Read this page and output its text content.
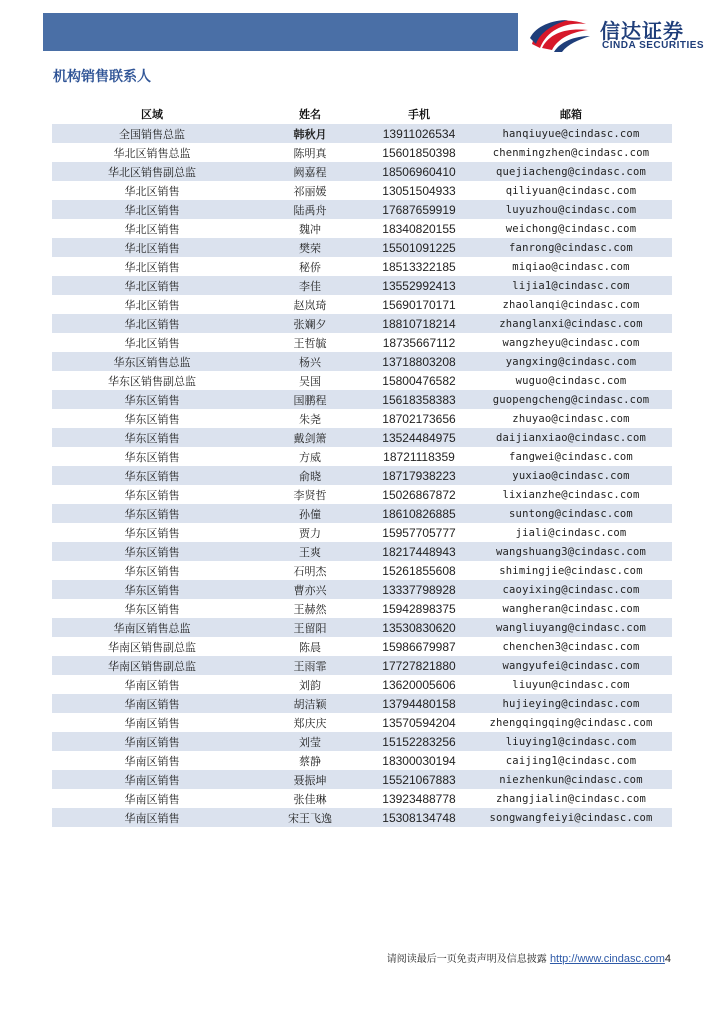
信达证券
CINDA SECURITIES
机构销售联系人
区域	姓名	手机	邮箱
全国销售总监	韩秋月	13911026534	hanqiuyue@cindasc.com
华北区销售总监	陈明真	15601850398	chenmingzhen@cindasc.com
华北区销售副总监	阙嘉程	18506960410	quejiacheng@cindasc.com
华北区销售	祁丽媛	13051504933	qiliyuan@cindasc.com
华北区销售	陆禹舟	17687659919	luyuzhou@cindasc.com
华北区销售	魏冲	18340820155	weichong@cindasc.com
华北区销售	樊荣	15501091225	fanrong@cindasc.com
华北区销售	秘侨	18513322185	miqiao@cindasc.com
华北区销售	李佳	13552992413	lijia1@cindasc.com
华北区销售	赵岚琦	15690170171	zhaolanqi@cindasc.com
华北区销售	张斓夕	18810718214	zhanglanxi@cindasc.com
华北区销售	王哲毓	18735667112	wangzheyu@cindasc.com
华东区销售总监	杨兴	13718803208	yangxing@cindasc.com
华东区销售副总监	吴国	15800476582	wuguo@cindasc.com
华东区销售	国鹏程	15618358383	guopengcheng@cindasc.com
华东区销售	朱尧	18702173656	zhuyao@cindasc.com
华东区销售	戴剑箫	13524484975	daijianxiao@cindasc.com
华东区销售	方威	18721118359	fangwei@cindasc.com
华东区销售	俞晓	18717938223	yuxiao@cindasc.com
华东区销售	李贤哲	15026867872	lixianzhe@cindasc.com
华东区销售	孙僮	18610826885	suntong@cindasc.com
华东区销售	贾力	15957705777	jiali@cindasc.com
华东区销售	王爽	18217448943	wangshuang3@cindasc.com
华东区销售	石明杰	15261855608	shimingjie@cindasc.com
华东区销售	曹亦兴	13337798928	caoyixing@cindasc.com
华东区销售	王赫然	15942898375	wangheran@cindasc.com
华南区销售总监	王留阳	13530830620	wangliuyang@cindasc.com
华南区销售副总监	陈晨	15986679987	chenchen3@cindasc.com
华南区销售副总监	王雨霏	17727821880	wangyufei@cindasc.com
华南区销售	刘韵	13620005606	liuyun@cindasc.com
华南区销售	胡洁颖	13794480158	hujieying@cindasc.com
华南区销售	郑庆庆	13570594204	zhengqingqing@cindasc.com
华南区销售	刘莹	15152283256	liuying1@cindasc.com
华南区销售	蔡静	18300030194	caijing1@cindasc.com
华南区销售	聂振坤	15521067883	niezhenkun@cindasc.com
华南区销售	张佳琳	13923488778	zhangjialin@cindasc.com
华南区销售	宋王飞逸	15308134748	songwangfeiyi@cindasc.com
请阅读最后一页免责声明及信息披露 http://www.cindasc.com4
